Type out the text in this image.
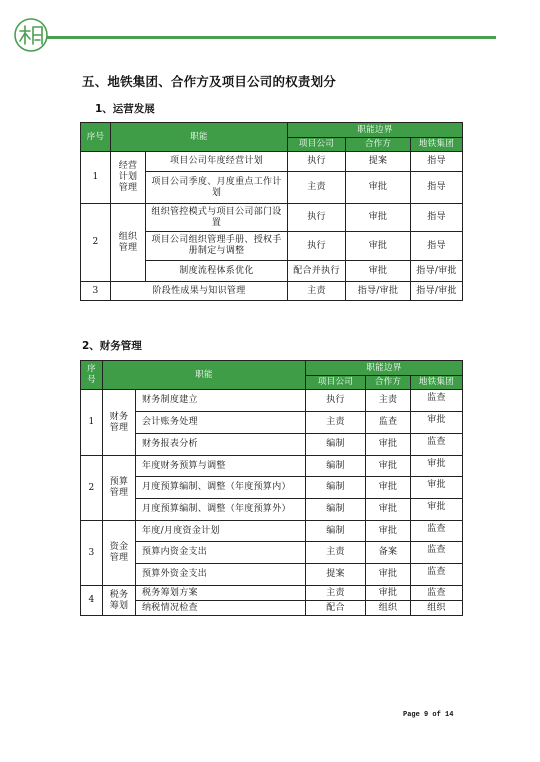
五、地铁集团、合作方及项目公司的权责划分
1、运营发展
序号	职能		职能边界		
			项目公司	合作方	地铁集团
1	经营计划管理	项目公司年度经营计划	执行	提案	指导
		项目公司季度、月度重点工作计划	主责	审批	指导
2	组织管理	组织管控模式与项目公司部门设置	执行	审批	指导
		项目公司组织管理手册、授权手册制定与调整	执行	审批	指导
		制度流程体系优化	配合并执行	审批	指导/审批
3	阶段性成果与知识管理		主责	指导/审批	指导/审批
2、财务管理
序号	职能		职能边界		
			项目公司	合作方	地铁集团
1	财务管理	财务制度建立	执行	主责	监查
		会计账务处理	主责	监查	审批
		财务报表分析	编制	审批	监查
2	预算管理	年度财务预算与调整	编制	审批	审批
		月度预算编制、调整（年度预算内）	编制	审批	审批
		月度预算编制、调整（年度预算外）	编制	审批	审批
3	资金管理	年度/月度资金计划	编制	审批	监查
		预算内资金支出	主责	备案	监查
		预算外资金支出	提案	审批	监查
4	税务筹划	税务筹划方案	主责	审批	监查
		纳税情况检查	配合	组织	组织
Page 9 of 14
